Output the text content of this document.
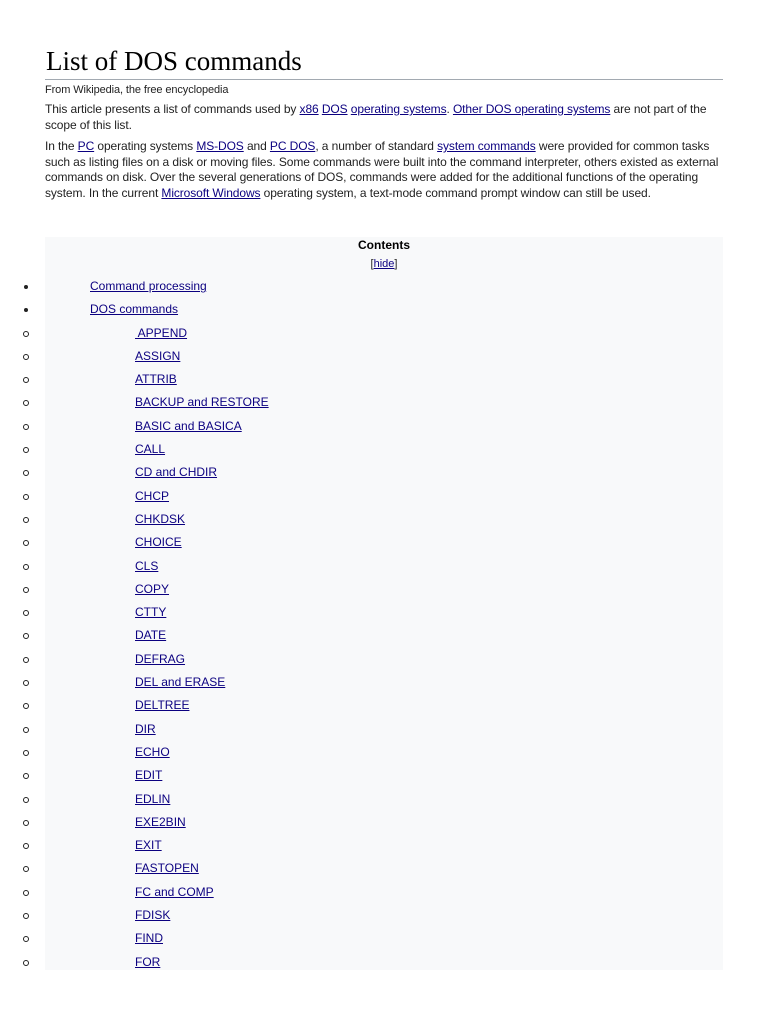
List of DOS commands
From Wikipedia, the free encyclopedia

This article presents a list of commands used by x86 DOS operating systems. Other DOS operating systems are not part of the scope of this list.

In the PC operating systems MS-DOS and PC DOS, a number of standard system commands were provided for common tasks such as listing files on a disk or moving files. Some commands were built into the command interpreter, others existed as external commands on disk. Over the several generations of DOS, commands were added for the additional functions of the operating system. In the current Microsoft Windows operating system, a text-mode command prompt window can still be used.

Contents
[hide]
Command processing
DOS commands
APPEND
ASSIGN
ATTRIB
BACKUP and RESTORE
BASIC and BASICA
CALL
CD and CHDIR
CHCP
CHKDSK
CHOICE
CLS
COPY
CTTY
DATE
DEFRAG
DEL and ERASE
DELTREE
DIR
ECHO
EDIT
EDLIN
EXE2BIN
EXIT
FASTOPEN
FC and COMP
FDISK
FIND
FOR
